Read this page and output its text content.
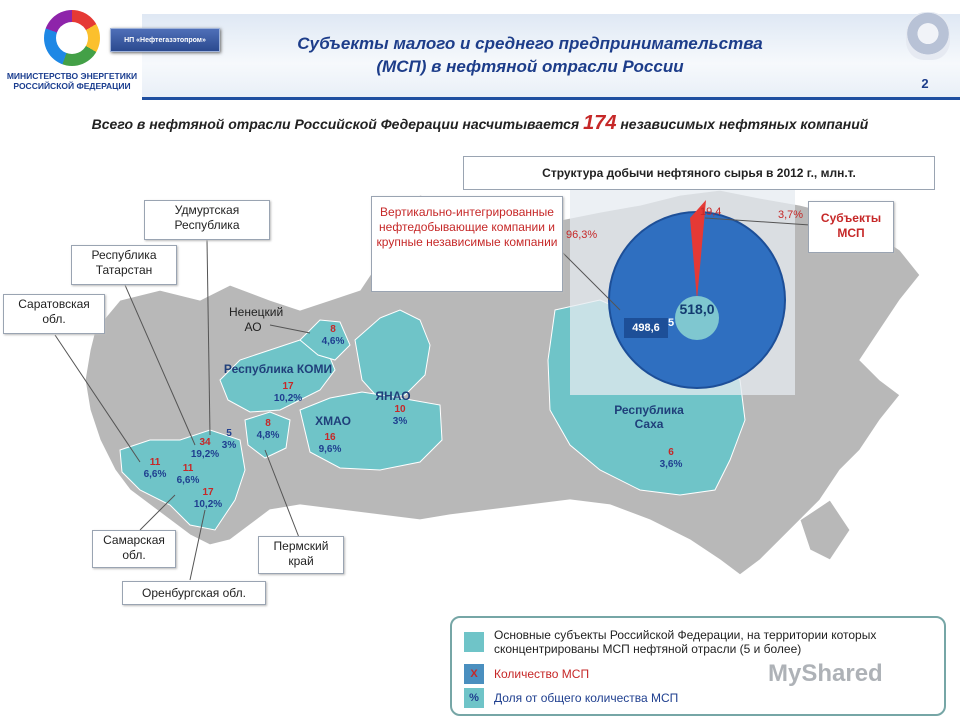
МИНИСТЕРСТВО ЭНЕРГЕТИКИ РОССИЙСКОЙ ФЕДЕРАЦИИ
НП «Нефтегазэтопром»	Субъекты малого и среднего предпринимательства
(МСП) в нефтяной отрасли России
2
Всего в нефтяной отрасли Российской Федерации насчитывается 174 независимых нефтяных компаний
Структура добычи нефтяного сырья в 2012 г., млн.т.
Вертикально-интегрированные нефтедобывающие компании и крупные независимые компании 96,3%
19,4	3,7%	Субъекты МСП
518,0
498,6 5
Удмуртская Республика
Республика Татарстан
Саратовская обл.	Ненецкий АО
Самарская обл.
Оренбургская обл.
Пермский край
Республика КОМИ
ЯНАО
ХМАО
Республика Саха
8
4,6%
17
10,2%
10
3%
16
9,6%
8
4,8%
5
3%
34
19,2%
11
6,6%
11
6,6%
17
10,2%
6
3,6%
Основные субъекты Российской Федерации, на территории которых сконцентрированы МСП нефтяной отрасли (5 и более)
Х	Количество МСП
%	Доля от общего количества МСП
MyShared
